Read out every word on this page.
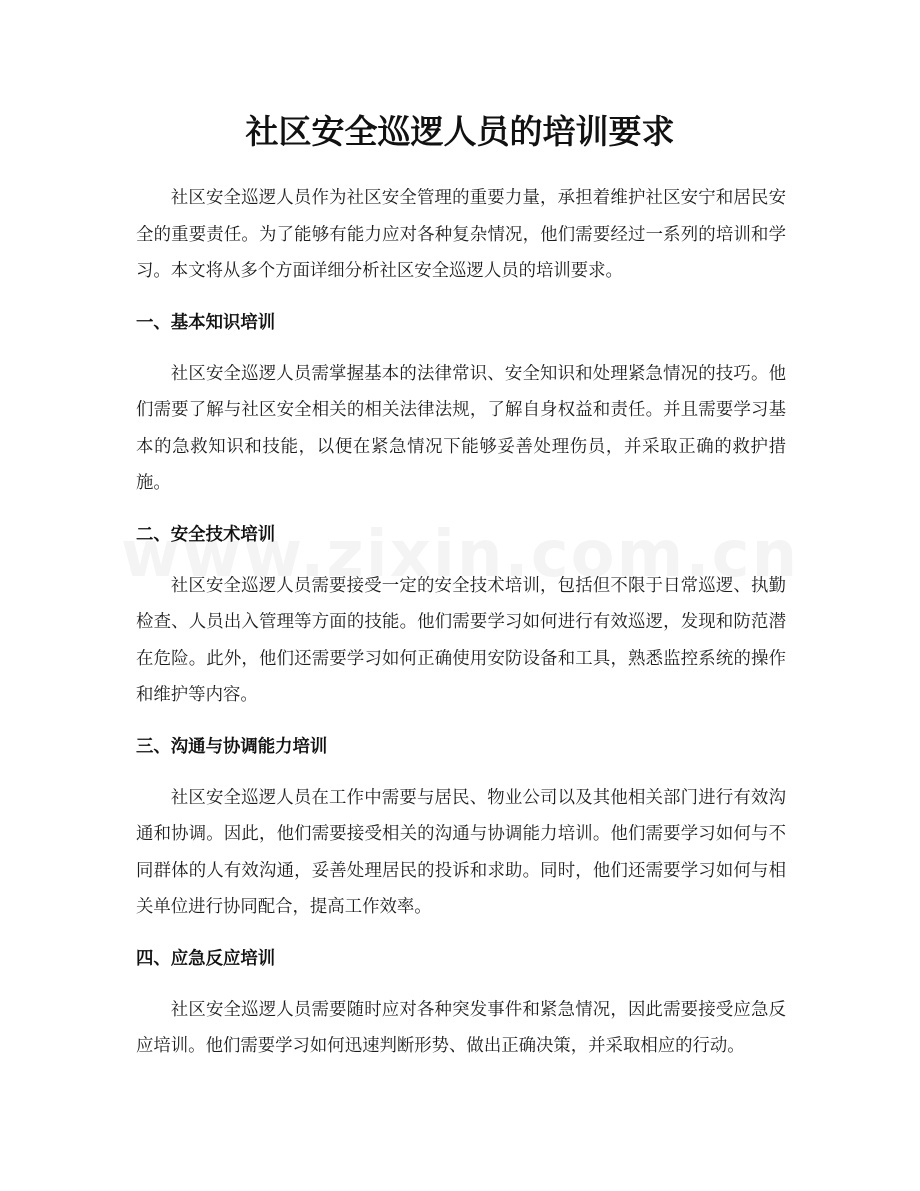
社区安全巡逻人员的培训要求

社区安全巡逻人员作为社区安全管理的重要力量，承担着维护社区安宁和居民安全的重要责任。为了能够有能力应对各种复杂情况，他们需要经过一系列的培训和学习。本文将从多个方面详细分析社区安全巡逻人员的培训要求。

一、基本知识培训

社区安全巡逻人员需掌握基本的法律常识、安全知识和处理紧急情况的技巧。他们需要了解与社区安全相关的相关法律法规，了解自身权益和责任。并且需要学习基本的急救知识和技能，以便在紧急情况下能够妥善处理伤员，并采取正确的救护措施。

二、安全技术培训

社区安全巡逻人员需要接受一定的安全技术培训，包括但不限于日常巡逻、执勤检查、人员出入管理等方面的技能。他们需要学习如何进行有效巡逻，发现和防范潜在危险。此外，他们还需要学习如何正确使用安防设备和工具，熟悉监控系统的操作和维护等内容。

三、沟通与协调能力培训

社区安全巡逻人员在工作中需要与居民、物业公司以及其他相关部门进行有效沟通和协调。因此，他们需要接受相关的沟通与协调能力培训。他们需要学习如何与不同群体的人有效沟通，妥善处理居民的投诉和求助。同时，他们还需要学习如何与相关单位进行协同配合，提高工作效率。

四、应急反应培训

社区安全巡逻人员需要随时应对各种突发事件和紧急情况，因此需要接受应急反应培训。他们需要学习如何迅速判断形势、做出正确决策，并采取相应的行动。
